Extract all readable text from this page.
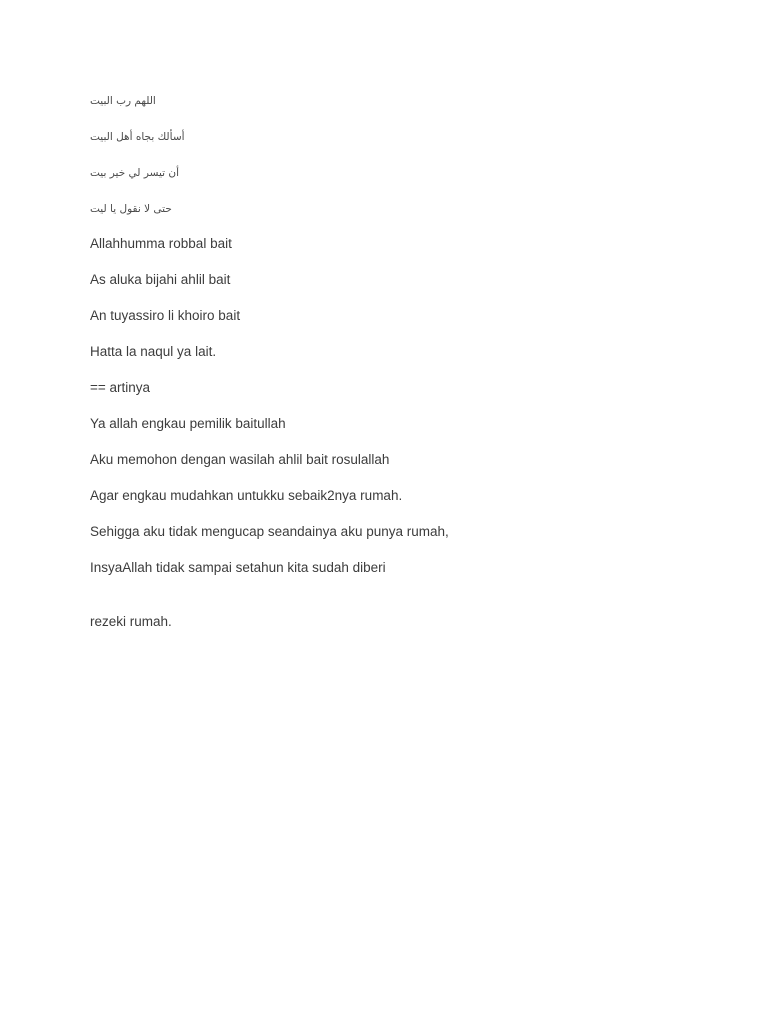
اللهم رب البيت

أسألك بجاه أهل البيت

أن تيسر لي خير بيت

حتى لا نقول يا ليت

Allahhumma robbal bait

As aluka bijahi ahlil bait

An tuyassiro li khoiro bait

Hatta la naqul ya lait.

== artinya

Ya allah engkau pemilik baitullah

Aku memohon dengan wasilah ahlil bait rosulallah

Agar engkau mudahkan untukku sebaik2nya rumah.

Sehigga aku tidak mengucap seandainya aku punya rumah,

InsyaAllah tidak sampai setahun kita sudah diberi

rezeki rumah.
